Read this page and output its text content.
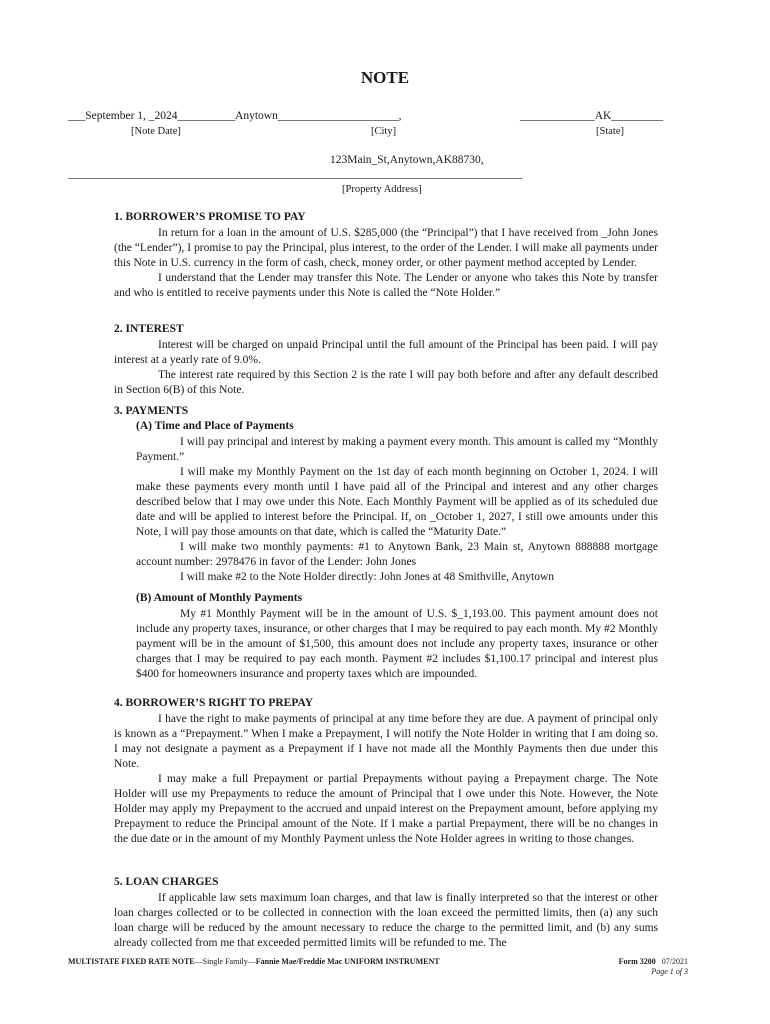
NOTE
___September 1, _2024__________Anytown_____________________,	_____________AK_________
[Note Date]	[City]	[State]
123Main_St,Anytown,AK88730,
_______________________________________________________________________________
[Property Address]
1. BORROWER’S PROMISE TO PAY

In return for a loan in the amount of U.S. $285,000 (the “Principal”) that I have received from _John Jones (the “Lender”), I promise to pay the Principal, plus interest, to the order of the Lender. I will make all payments under this Note in U.S. currency in the form of cash, check, money order, or other payment method accepted by Lender.

I understand that the Lender may transfer this Note. The Lender or anyone who takes this Note by transfer and who is entitled to receive payments under this Note is called the “Note Holder.”

2. INTEREST

Interest will be charged on unpaid Principal until the full amount of the Principal has been paid. I will pay interest at a yearly rate of 9.0%.

The interest rate required by this Section 2 is the rate I will pay both before and after any default described in Section 6(B) of this Note.

3. PAYMENTS
(A) Time and Place of Payments

I will pay principal and interest by making a payment every month. This amount is called my “Monthly Payment.”

I will make my Monthly Payment on the 1st day of each month beginning on October 1, 2024. I will make these payments every month until I have paid all of the Principal and interest and any other charges described below that I may owe under this Note. Each Monthly Payment will be applied as of its scheduled due date and will be applied to interest before the Principal. If, on _October 1, 2027, I still owe amounts under this Note, I will pay those amounts on that date, which is called the “Maturity Date.”

I will make two monthly payments: #1 to Anytown Bank, 23 Main st, Anytown 888888 mortgage account number: 2978476 in favor of the Lender: John Jones

I will make #2 to the Note Holder directly: John Jones at 48 Smithville, Anytown

(B) Amount of Monthly Payments

My #1 Monthly Payment will be in the amount of U.S. $_1,193.00. This payment amount does not include any property taxes, insurance, or other charges that I may be required to pay each month. My #2 Monthly payment will be in the amount of $1,500, this amount does not include any property taxes, insurance or other charges that I may be required to pay each month. Payment #2 includes $1,100.17 principal and interest plus $400 for homeowners insurance and property taxes which are impounded.

4. BORROWER’S RIGHT TO PREPAY

I have the right to make payments of principal at any time before they are due. A payment of principal only is known as a “Prepayment.” When I make a Prepayment, I will notify the Note Holder in writing that I am doing so. I may not designate a payment as a Prepayment if I have not made all the Monthly Payments then due under this Note.

I may make a full Prepayment or partial Prepayments without paying a Prepayment charge. The Note Holder will use my Prepayments to reduce the amount of Principal that I owe under this Note. However, the Note Holder may apply my Prepayment to the accrued and unpaid interest on the Prepayment amount, before applying my Prepayment to reduce the Principal amount of the Note. If I make a partial Prepayment, there will be no changes in the due date or in the amount of my Monthly Payment unless the Note Holder agrees in writing to those changes.

5. LOAN CHARGES

If applicable law sets maximum loan charges, and that law is finally interpreted so that the interest or other loan charges collected or to be collected in connection with the loan exceed the permitted limits, then (a) any such loan charge will be reduced by the amount necessary to reduce the charge to the permitted limit, and (b) any sums already collected from me that exceeded permitted limits will be refunded to me. The

MULTISTATE FIXED RATE NOTE—Single Family—Fannie Mae/Freddie Mac UNIFORM INSTRUMENT	Form 3200 07/2021
Page 1 of 3
